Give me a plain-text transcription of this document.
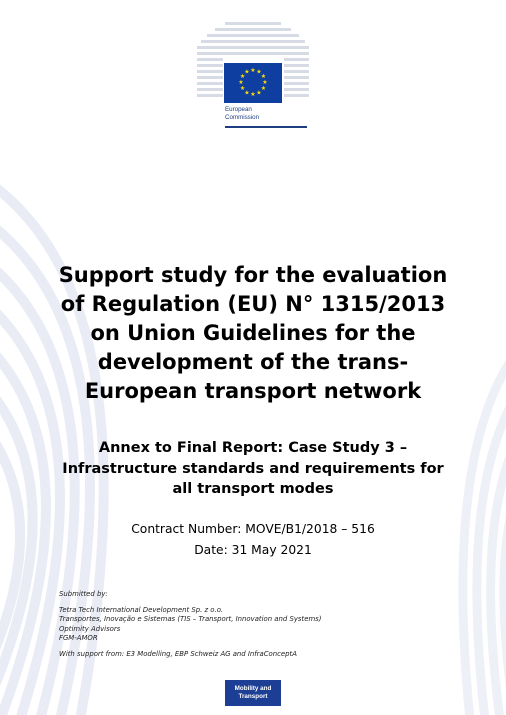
★ ★
★
★
★
★
★
★
★
★
★
★
European
Commission
Support study for the evaluation of Regulation (EU) N° 1315/2013 on Union Guidelines for the development of the trans-European transport network
Annex to Final Report: Case Study 3 – Infrastructure standards and requirements for all transport modes

Contract Number: MOVE/B1/2018 – 516

Date: 31 May 2021

Submitted by:
Tetra Tech International Development Sp. z o.o.
Transportes, Inovação e Sistemas (TIS – Transport, Innovation and Systems)
Optimity Advisors
FGM-AMOR
With support from: E3 Modelling, EBP Schweiz AG and InfraConceptA
Mobility and
Transport
